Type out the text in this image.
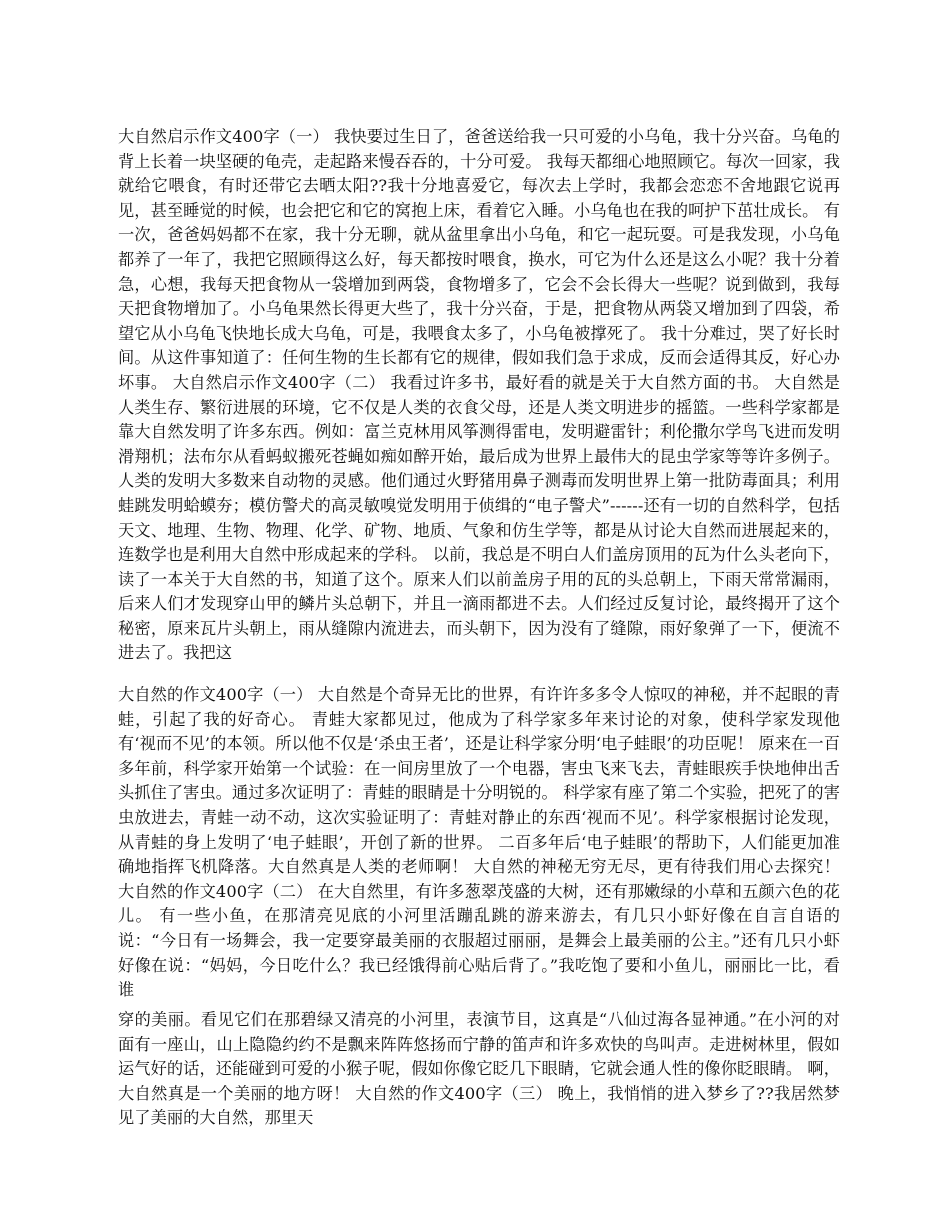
大自然启示作文400字（一） 我快要过生日了，爸爸送给我一只可爱的小乌龟，我十分兴奋。乌龟的背上长着一块坚硬的龟壳，走起路来慢吞吞的，十分可爱。 我每天都细心地照顾它。每次一回家，我就给它喂食，有时还带它去晒太阳??我十分地喜爱它，每次去上学时，我都会恋恋不舍地跟它说再见，甚至睡觉的时候，也会把它和它的窝抱上床，看着它入睡。小乌龟也在我的呵护下茁壮成长。 有一次，爸爸妈妈都不在家，我十分无聊，就从盆里拿出小乌龟，和它一起玩耍。可是我发现，小乌龟都养了一年了，我把它照顾得这么好，每天都按时喂食，换水，可它为什么还是这么小呢？我十分着急，心想，我每天把食物从一袋增加到两袋，食物增多了，它会不会长得大一些呢？说到做到，我每天把食物增加了。小乌龟果然长得更大些了，我十分兴奋，于是，把食物从两袋又增加到了四袋，希望它从小乌龟飞快地长成大乌龟，可是，我喂食太多了，小乌龟被撑死了。 我十分难过，哭了好长时间。从这件事知道了：任何生物的生长都有它的规律，假如我们急于求成，反而会适得其反，好心办坏事。 大自然启示作文400字（二） 我看过许多书，最好看的就是关于大自然方面的书。 大自然是人类生存、繁衍进展的环境，它不仅是人类的衣食父母，还是人类文明进步的摇篮。一些科学家都是靠大自然发明了许多东西。例如：富兰克林用风筝测得雷电，发明避雷针；利伦撒尔学鸟飞进而发明滑翔机；法布尔从看蚂蚁搬死苍蝇如痴如醉开始，最后成为世界上最伟大的昆虫学家等等许多例子。人类的发明大多数来自动物的灵感。他们通过火野猪用鼻子测毒而发明世界上第一批防毒面具；利用蛙跳发明蛤蟆夯；模仿警犬的高灵敏嗅觉发明用于侦缉的“电子警犬”------还有一切的自然科学，包括天文、地理、生物、物理、化学、矿物、地质、气象和仿生学等，都是从讨论大自然而进展起来的，连数学也是利用大自然中形成起来的学科。 以前，我总是不明白人们盖房顶用的瓦为什么头老向下，读了一本关于大自然的书，知道了这个。原来人们以前盖房子用的瓦的头总朝上，下雨天常常漏雨，后来人们才发现穿山甲的鳞片头总朝下，并且一滴雨都进不去。人们经过反复讨论，最终揭开了这个秘密，原来瓦片头朝上，雨从缝隙内流进去，而头朝下，因为没有了缝隙，雨好象弹了一下，便流不进去了。我把这

大自然的作文400字（一） 大自然是个奇异无比的世界，有许许多多令人惊叹的神秘，并不起眼的青蛙，引起了我的好奇心。 青蛙大家都见过，他成为了科学家多年来讨论的对象，使科学家发现他有‘视而不见’的本领。所以他不仅是‘杀虫王者’，还是让科学家分明‘电子蛙眼’的功臣呢！ 原来在一百多年前，科学家开始第一个试验：在一间房里放了一个电器，害虫飞来飞去，青蛙眼疾手快地伸出舌头抓住了害虫。通过多次证明了：青蛙的眼睛是十分明锐的。 科学家有座了第二个实验，把死了的害虫放进去，青蛙一动不动，这次实验证明了：青蛙对静止的东西‘视而不见’。科学家根据讨论发现，从青蛙的身上发明了‘电子蛙眼’，开创了新的世界。 二百多年后‘电子蛙眼’的帮助下，人们能更加准确地指挥飞机降落。大自然真是人类的老师啊！ 大自然的神秘无穷无尽，更有待我们用心去探究！ 大自然的作文400字（二） 在大自然里，有许多葱翠茂盛的大树，还有那嫩绿的小草和五颜六色的花儿。 有一些小鱼，在那清亮见底的小河里活蹦乱跳的游来游去，有几只小虾好像在自言自语的说：“今日有一场舞会，我一定要穿最美丽的衣服超过丽丽，是舞会上最美丽的公主。”还有几只小虾好像在说：“妈妈，今日吃什么？我已经饿得前心贴后背了。”我吃饱了要和小鱼儿，丽丽比一比，看谁

穿的美丽。看见它们在那碧绿又清亮的小河里，表演节目，这真是“八仙过海各显神通。”在小河的对面有一座山，山上隐隐约约不是飘来阵阵悠扬而宁静的笛声和许多欢快的鸟叫声。走进树林里，假如运气好的话，还能碰到可爱的小猴子呢，假如你像它眨几下眼睛，它就会通人性的像你眨眼睛。 啊，大自然真是一个美丽的地方呀！ 大自然的作文400字（三） 晚上，我悄悄的进入梦乡了??我居然梦见了美丽的大自然，那里天
